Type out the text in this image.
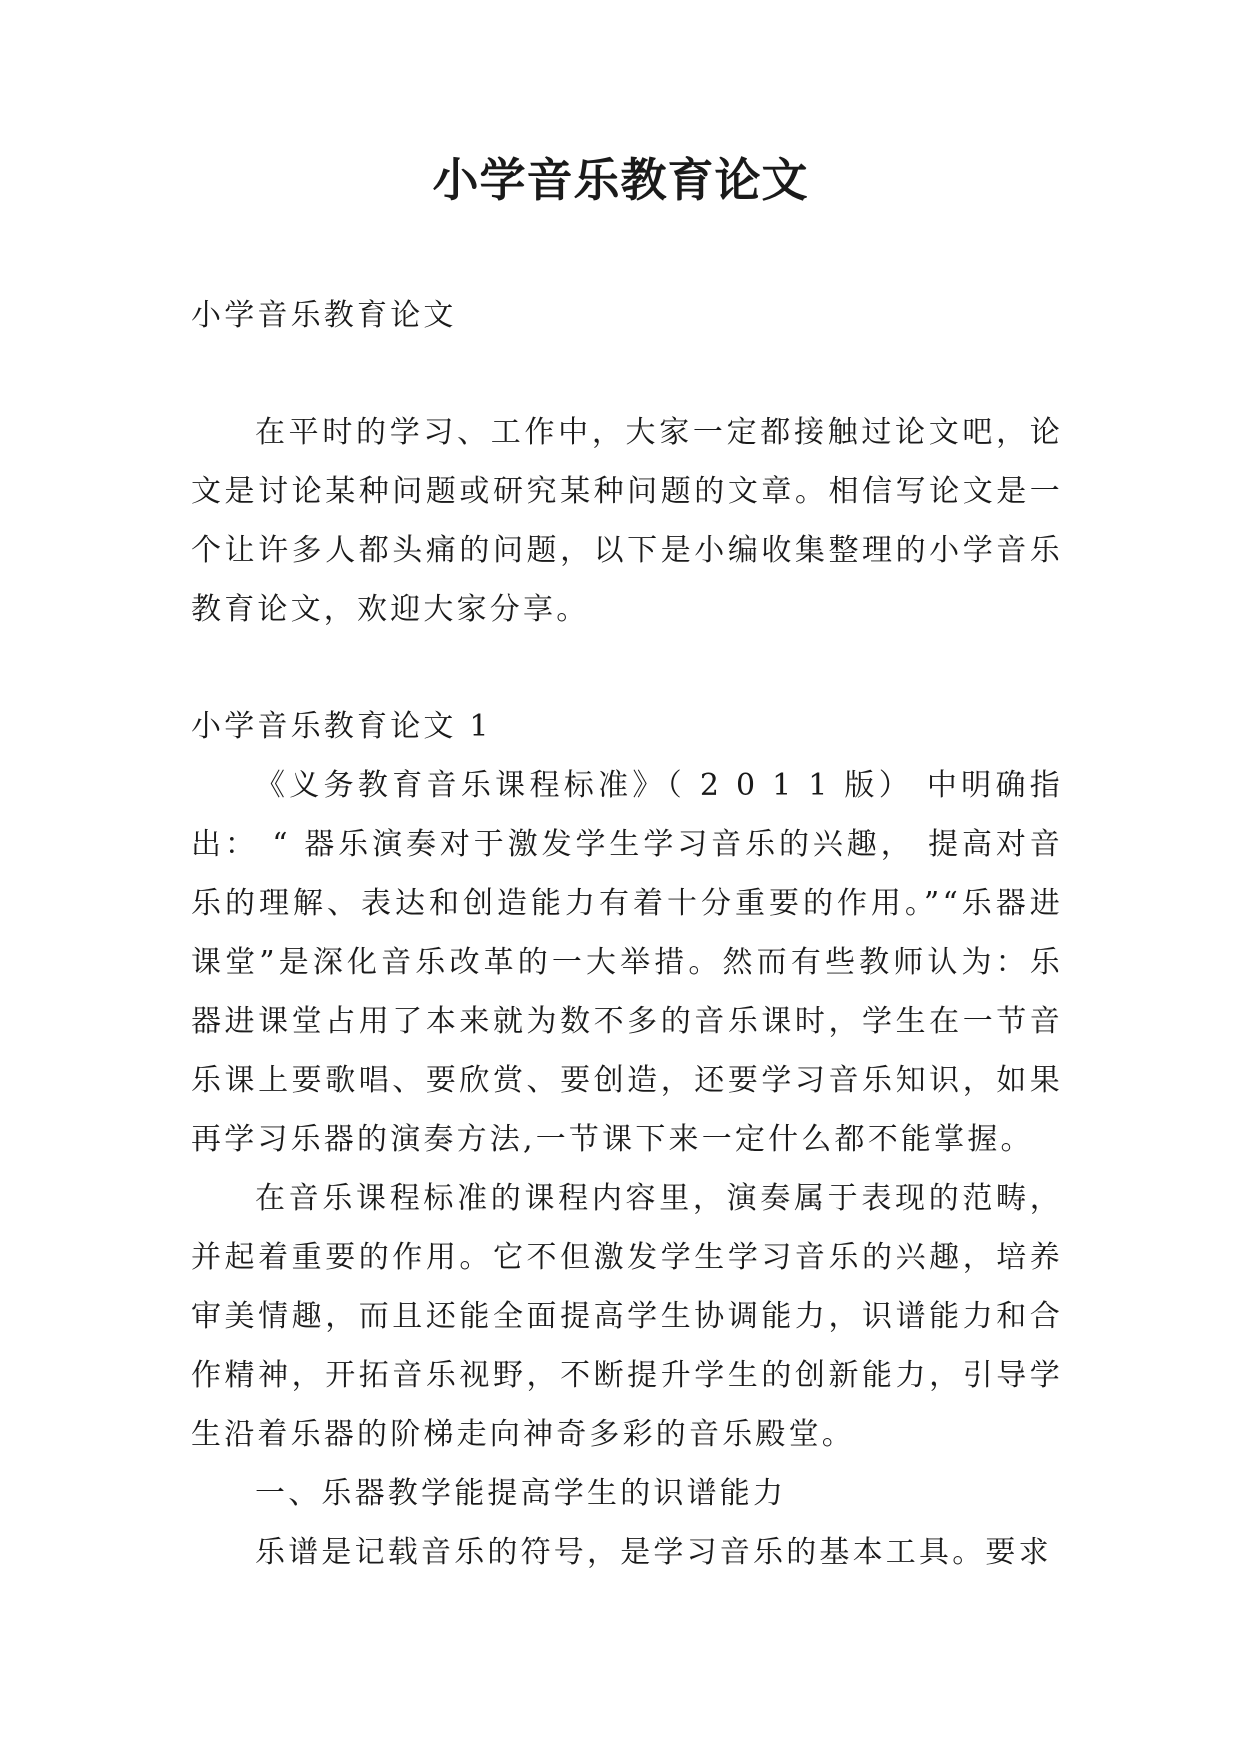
小学音乐教育论文

小学音乐教育论文

在平时的学习、工作中，大家一定都接触过论文吧，论文是讨论某种问题或研究某种问题的文章。相信写论文是一个让许多人都头痛的问题，以下是小编收集整理的小学音乐教育论文，欢迎大家分享。

小学音乐教育论文 1

《义务教育音乐课程标准》（ 2 0 1 1 版） 中明确指出： “ 器乐演奏对于激发学生学习音乐的兴趣， 提高对音乐的理解、表达和创造能力有着十分重要的作用。”“乐器进课堂”是深化音乐改革的一大举措。然而有些教师认为：乐器进课堂占用了本来就为数不多的音乐课时，学生在一节音乐课上要歌唱、要欣赏、要创造，还要学习音乐知识，如果再学习乐器的演奏方法,一节课下来一定什么都不能掌握。

在音乐课程标准的课程内容里，演奏属于表现的范畴，并起着重要的作用。它不但激发学生学习音乐的兴趣，培养审美情趣，而且还能全面提高学生协调能力，识谱能力和合作精神，开拓音乐视野，不断提升学生的创新能力，引导学生沿着乐器的阶梯走向神奇多彩的音乐殿堂。

一、乐器教学能提高学生的识谱能力

乐谱是记载音乐的符号，是学习音乐的基本工具。要求
